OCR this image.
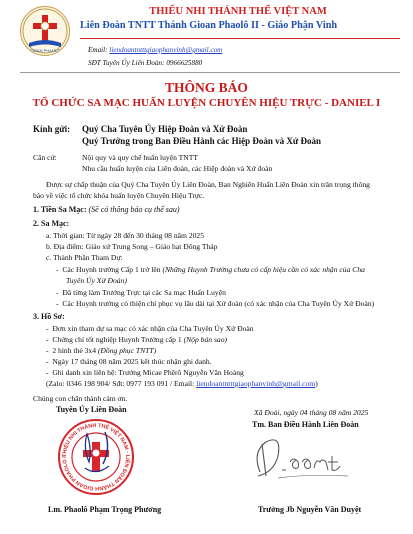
GIOAN PHAOLO
THIẾU NHI THÁNH THỂ VIỆT NAM
Liên Đoàn TNTT Thánh Gioan Phaolô II - Giáo Phận Vinh
Email: liendoantntttgiaophanvinh@gmail.com
SĐT Tuyên Úy Liên Đoàn: 0966625880
THÔNG BÁO
TỔ CHỨC SA MẠC HUẤN LUYỆN CHUYÊN HIỆU TRỰC - DANIEL I
Kính gửi: Quý Cha Tuyên Úy Hiệp Đoàn và Xứ Đoàn
Quý Trưởng trong Ban Điều Hành các Hiệp Đoàn và Xứ Đoàn
Căn cứ:	Nội quy và quy chế huấn luyện TNTT
Nhu cầu huấn luyện của Liên đoàn, các Hiệp đoàn và Xứ đoàn
Được sự chấp thuận của Quý Cha Tuyên Úy Liên Đoàn, Ban Nghiên Huấn Liên Đoàn xin trân trọng thông
báo về việc tổ chức khóa huấn luyện Chuyên Hiệu Trực.
1. Tiền Sa Mạc: (Sẽ có thông báo cụ thể sau)
2. Sa Mạc:
a. Thời gian: Từ ngày 28 đến 30 tháng 08 năm 2025
b. Địa điểm: Giáo xứ Trung Song – Giáo hạt Đông Tháp
c. Thành Phần Tham Dự:
-  Các Huynh trưởng Cấp 1 trở lên (Những Huynh Trưởng chưa có cấp hiệu cần có xác nhận của Cha
Tuyên Úy Xứ Đoàn)
-  Đã từng làm Trưởng Trực tại các Sa mạc Huấn Luyện
-  Các Huynh trưởng có thiện chí phục vụ lâu dài tại Xứ đoàn (có xác nhận của Cha Tuyên Úy Xứ Đoàn)
3. Hồ Sơ:
-  Đơn xin tham dự sa mạc có xác nhận của Cha Tuyên Úy Xứ Đoàn
-  Chứng chỉ tốt nghiệp Huynh Trưởng cấp 1 (Nộp bản sao)
-  2 hình thẻ 3x4 (Đồng phục TNTT)
-  Ngày 17 tháng 08 năm 2025 kết thúc nhận ghi danh.
-  Ghi danh xin liên hệ: Trưởng Micae Phêrô Nguyễn Văn Hoàng
(Zalo: 0346 198 904/ Sđt: 0977 193 091 / Email: liendoantntttgiaophanvinh@gmail.com)
Chúng con chân thành cảm ơn.
Xã Đoài, ngày 04 tháng 08 năm 2025
Tuyên Úy Liên Đoàn
Tm. Ban Điều Hành Liên Đoàn
THIẾU NHI THÁNH THỂ VIỆT NAM · LIÊN ĐOÀN THÁNH GIOAN PHAOLO I
Lm. Phaolô Phạm Trọng Phương	Trưởng Jb Nguyễn Văn Duyệt
